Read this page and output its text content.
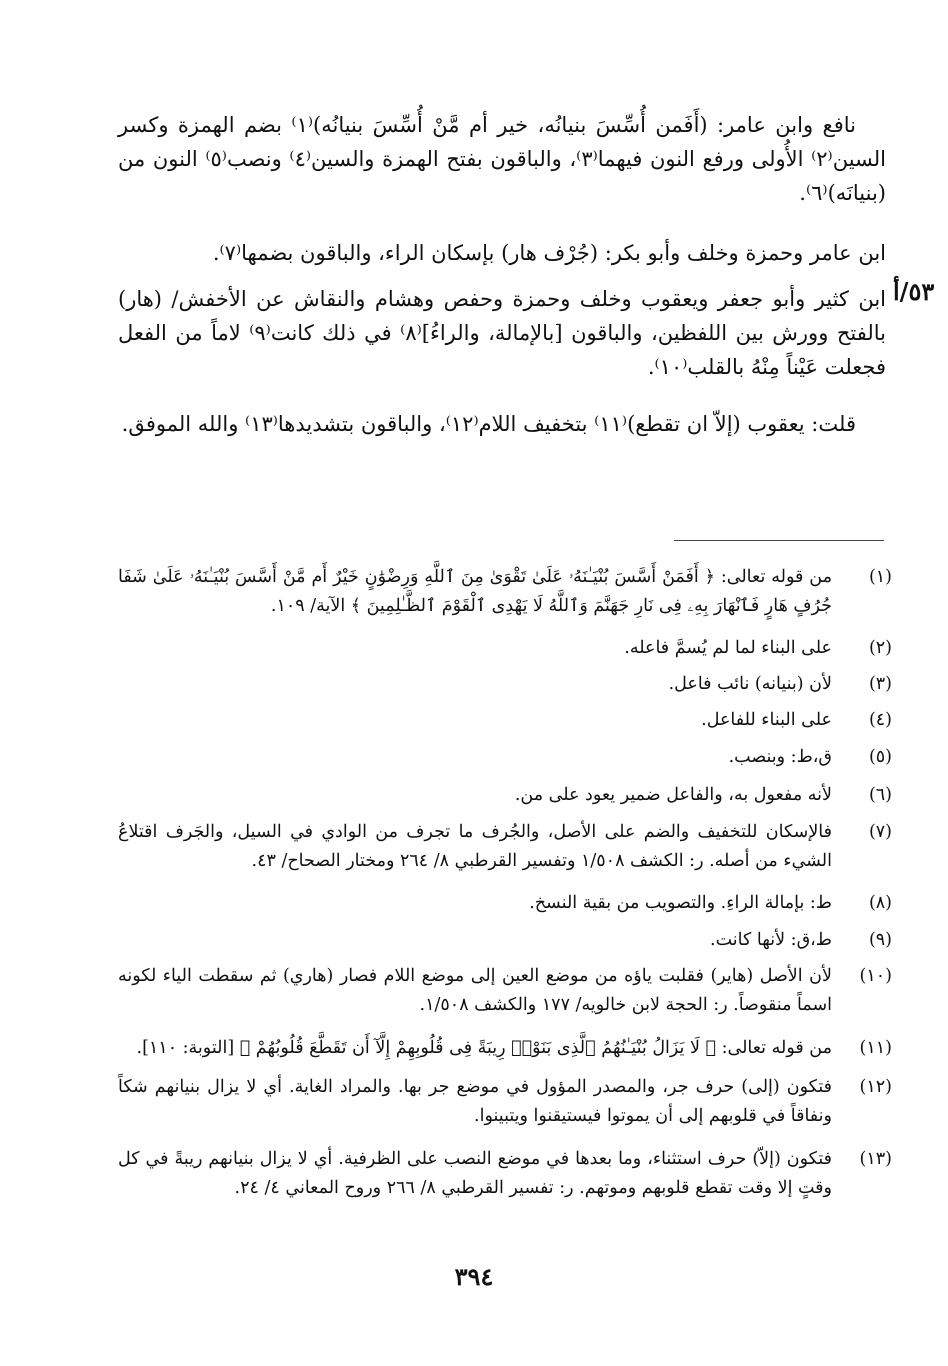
نافع وابن عامر: (أَفَمن أُسِّسَ بنيانُه، خير أم مَّنْ أُسِّسَ بنيانُه)⁽١⁾ بضم الهمزة وكسر السين⁽٢⁾ الأُولى ورفع النون فيهما⁽٣⁾، والباقون بفتح الهمزة والسين⁽٤⁾ ونصب⁽٥⁾ النون من (بنيانَه)⁽٦⁾.

ابن عامر وحمزة وخلف وأبو بكر: (جُرْف هار) بإسكان الراء، والباقون بضمها⁽٧⁾.

ابن كثير وأبو جعفر ويعقوب وخلف وحمزة وحفص وهشام والنقاش عن الأخفش/ (هار) بالفتح وورش بين اللفظين، والباقون [بالإمالة، والراءُ]⁽٨⁾ في ذلك كانت⁽٩⁾ لاماً من الفعل فجعلت عَيْناً مِنْهُ بالقلب⁽١٠⁾.

٥٣/أ

قلت: يعقوب (إلاّ ان تقطع)⁽١١⁾ بتخفيف اللام⁽١٢⁾، والباقون بتشديدها⁽١٣⁾ والله الموفق.

(١)
من قوله تعالى: ﴿ أَفَمَنْ أَسَّسَ بُنْيَـٰنَهُۥ عَلَىٰ تَقْوَىٰ مِنَ ٱللَّهِ وَرِضْوَٰنٍ خَيْرٌ أَم مَّنْ أَسَّسَ بُنْيَـٰنَهُۥ عَلَىٰ شَفَا جُرُفٍ هَارٍ فَٱنْهَارَ بِهِۦ فِى نَارِ جَهَنَّمَ وَٱللَّهُ لَا يَهْدِى ٱلْقَوْمَ ٱلظَّـٰلِمِينَ ﴾ الآية/ ١٠٩.
(٢)
على البناء لما لم يُسمَّ فاعله.
(٣)
لأن (بنيانه) نائب فاعل.
(٤)
على البناء للفاعل.
(٥)
ق،ط: وبنصب.
(٦)
لأنه مفعول به، والفاعل ضمير يعود على من.
(٧)
فالإسكان للتخفيف والضم على الأصل، والجُرف ما تجرف من الوادي في السيل، والجَرف اقتلاعُ الشيء من أصله. ر: الكشف ١/٥٠٨ وتفسير القرطبي ٨/ ٢٦٤ ومختار الصحاح/ ٤٣.
(٨)
ط: بإمالة الراءِ. والتصويب من بقية النسخ.
(٩)
ط،ق: لأنها كانت.
(١٠)
لأن الأصل (هاير) فقلبت ياؤه من موضع العين إلى موضع اللام فصار (هاري) ثم سقطت الياء لكونه اسماً منقوصاً. ر: الحجة لابن خالويه/ ١٧٧ والكشف ١/٥٠٨.
(١١)
من قوله تعالى: ﴿ لَا يَزَالُ بُنْيَـٰنُهُمُ ٱلَّذِى بَنَوْا۟ رِيبَةً فِى قُلُوبِهِمْ إِلَّآ أَن تَقَطَّعَ قُلُوبُهُمْ ﴾ [التوبة: ١١٠].
(١٢)
فتكون (إلى) حرف جر، والمصدر المؤول في موضع جر بها. والمراد الغاية. أي لا يزال بنيانهم شكاً ونفاقاً في قلوبهم إلى أن يموتوا فيستيقنوا ويتبينوا.
(١٣)
فتكون (إلاّ) حرف استثناء، وما بعدها في موضع النصب على الظرفية. أي لا يزال بنيانهم ريبةً في كل وقتٍ إلا وقت تقطع قلوبهم وموتهم. ر: تفسير القرطبي ٨/ ٢٦٦ وروح المعاني ٤/ ٢٤.
٣٩٤
